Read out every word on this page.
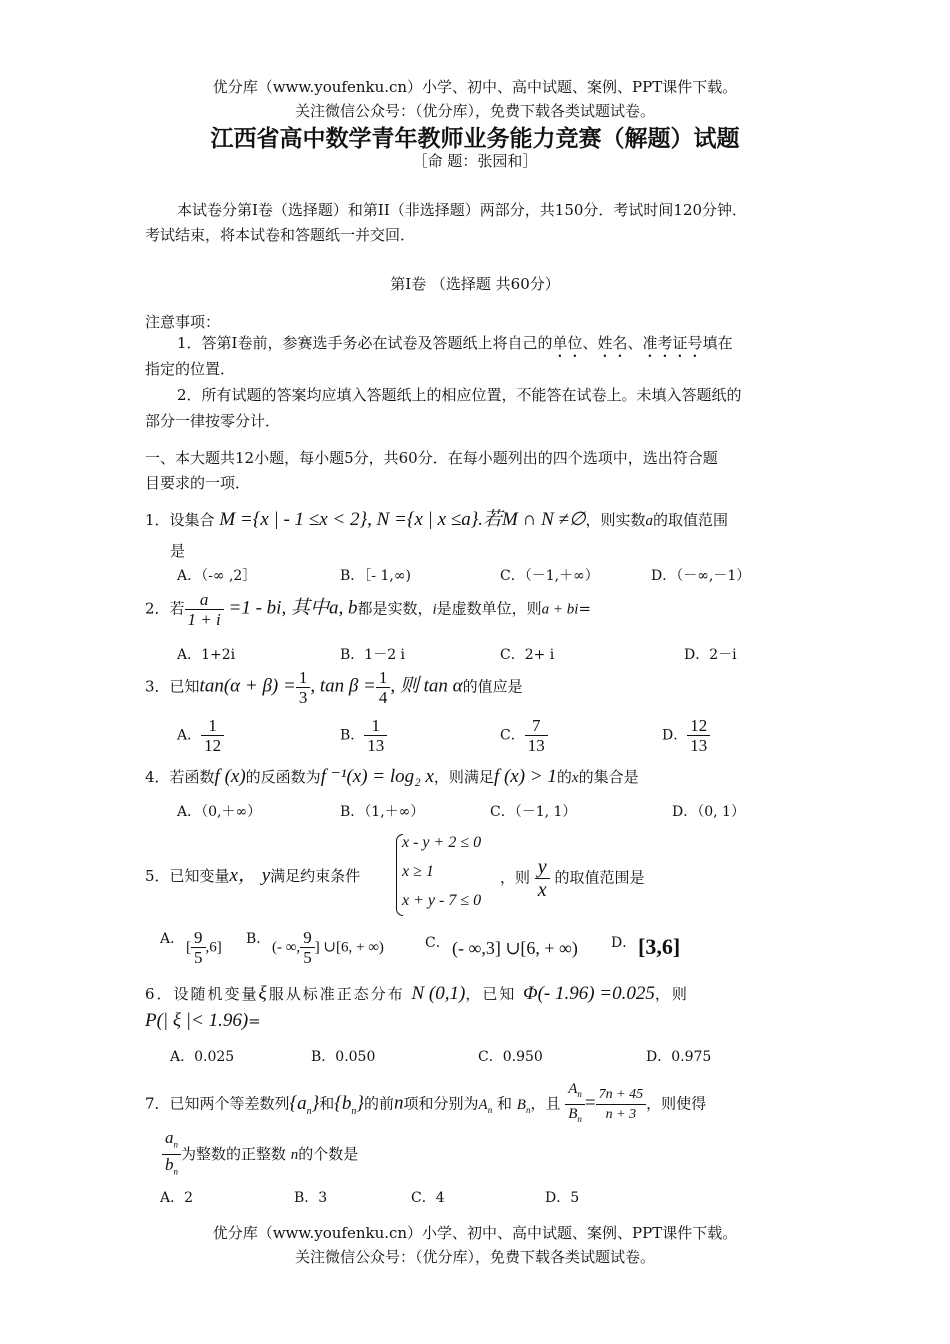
优分库（www.youfenku.cn）小学、初中、高中试题、案例、PPT课件下载。
关注微信公众号：（优分库），免费下载各类试题试卷。
江西省高中数学青年教师业务能力竞赛（解题）试题
［命 题：张园和］
本试卷分第I卷（选择题）和第II（非选择题）两部分，共150分．考试时间120分钟．
考试结束，将本试卷和答题纸一并交回．
第I卷 （选择题 共60分）
注意事项：
1．答第I卷前，参赛选手务必在试卷及答题纸上将自己的单位、姓名、准考证号填在
指定的位置．
2．所有试题的答案均应填入答题纸上的相应位置，不能答在试卷上。未填入答题纸的
部分一律按零分计．
一、本大题共12小题，每小题5分，共60分．在每小题列出的四个选项中，选出符合题
目要求的一项．
1．设集合 M ={x | - 1 ≤x < 2}, N ={x | x ≤a}.若M ∩ N ≠∅，则实数a的取值范围
是
A．（-∞ ,2］	B．［- 1,∞)	C．（－1,＋∞）	D．（－∞,－1）
2．若 $\frac{a}{1 + i} =1$ - bi, 其中a, b都是实数，i是虚数单位，则a + bi=
A．1+2i	B．1－2 i	C．2+ i	D．2－i
3．已知$\tan(\alpha + \beta) = \frac{1}{3}$ , $\tan \beta = \frac{1}{4}$ , 则 tan α的值应是
A． $\frac{1}{12}$	B． $\frac{1}{13}$	C． $\frac{7}{13}$	D． $\frac{12}{13}$
4．若函数f (x)的反函数为f ⁻¹(x) = log₂ x，则满足f (x) > 1的x的集合是
A．（0,＋∞）	B．（1,＋∞）	C．（－1, 1）	D．（0, 1）
5．已知变量x， y满足约束条件
x - y + 2 ≤ 0
x ≥ 1
x + y - 7 ≤ 0
，则 $\frac{y}{x}$ 的取值范围是
A．
[ $\frac{9}{5} ,6$]
B．
(- ∞, $\frac{9}{5}$ ] ∪[6, + ∞)	C． (- ∞,3] ∪[6, + ∞) D． [3,6]
6．设随机变量ξ服从标准正态分布 N (0,1)，已知 Φ(- 1.96) =0.025，则
P(| ξ |< 1.96)=
A．0.025	B．0.050	C．0.950	D．0.975
7．已知两个等差数列$\{a_n\}$和$\{b_n\}$的前n项和分别为$A_n$ 和 $B_n$，且 $\frac{A_n}{B_n} = \frac{7n + 45}{n + 3}$ ，则使得
$\frac{a_n}{b_n}$ 为整数的正整数 n的个数是
A．2	B．3	C．4	D．5
优分库（www.youfenku.cn）小学、初中、高中试题、案例、PPT课件下载。
关注微信公众号：（优分库），免费下载各类试题试卷。
